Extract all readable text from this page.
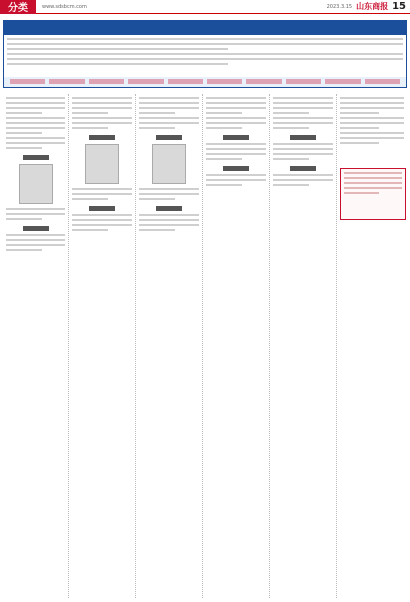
分类	www.sdsbcm.com	2023.3.15 山东商报 15
